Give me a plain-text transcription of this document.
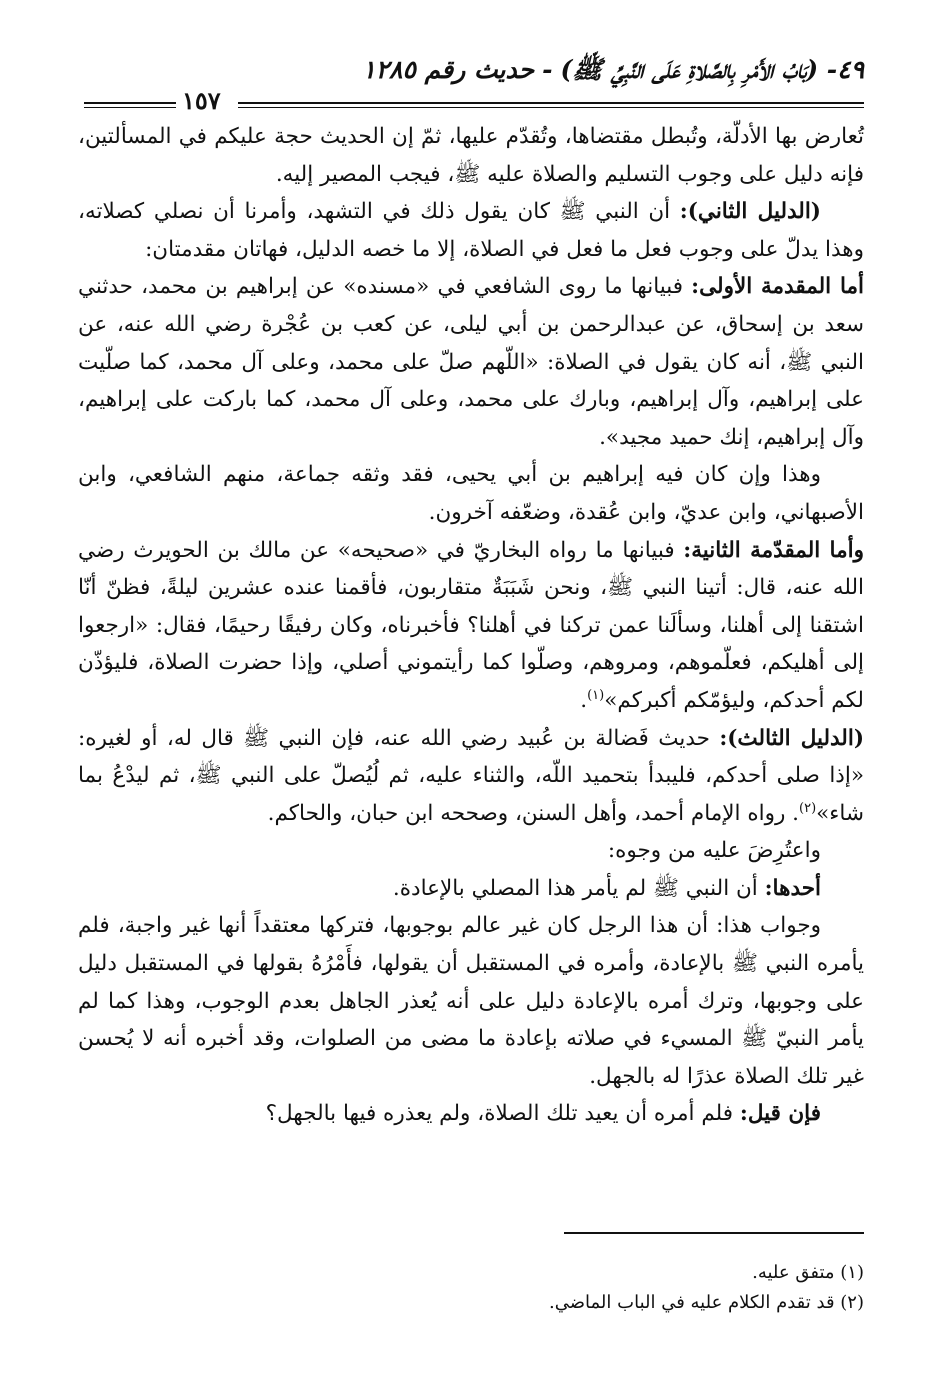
٤٩- (بَابُ الأَمْرِ بِالصَّلاةِ عَلَى النَّبِيِّ ﷺ)
-
حديث رقم ١٢٨٥
١٥٧

تُعارض بها الأدلّة، وتُبطل مقتضاها، وتُقدّم عليها، ثمّ إن الحديث حجة عليكم في المسألتين، فإنه دليل على وجوب التسليم والصلاة عليه ﷺ، فيجب المصير إليه.

(الدليل الثاني): أن النبي ﷺ كان يقول ذلك في التشهد، وأمرنا أن نصلي كصلاته، وهذا يدلّ على وجوب فعل ما فعل في الصلاة، إلا ما خصه الدليل، فهاتان مقدمتان:

أما المقدمة الأولى: فبيانها ما روى الشافعي في «مسنده» عن إبراهيم بن محمد، حدثني سعد بن إسحاق، عن عبدالرحمن بن أبي ليلى، عن كعب بن عُجْرة رضي الله عنه، عن النبي ﷺ، أنه كان يقول في الصلاة: «اللّهم صلّ على محمد، وعلى آل محمد، كما صلّيت على إبراهيم، وآل إبراهيم، وبارك على محمد، وعلى آل محمد، كما باركت على إبراهيم، وآل إبراهيم، إنك حميد مجيد».

وهذا وإن كان فيه إبراهيم بن أبي يحيى، فقد وثقه جماعة، منهم الشافعي، وابن الأصبهاني، وابن عديّ، وابن عُقدة، وضعّفه آخرون.

وأما المقدّمة الثانية: فبيانها ما رواه البخاريّ في «صحيحه» عن مالك بن الحويرث رضي الله عنه، قال: أتينا النبي ﷺ، ونحن شَبَبَةٌ متقاربون، فأقمنا عنده عشرين ليلةً، فظنّ أنّا اشتقنا إلى أهلنا، وسألَنا عمن تركنا في أهلنا؟ فأخبرناه، وكان رفيقًا رحيمًا، فقال: «ارجعوا إلى أهليكم، فعلّموهم، ومروهم، وصلّوا كما رأيتموني أصلي، وإذا حضرت الصلاة، فليؤذّن لكم أحدكم، وليؤمّكم أكبركم»$^{(١)}$.

(الدليل الثالث): حديث فَضالة بن عُبيد رضي الله عنه، فإن النبي ﷺ قال له، أو لغيره: «إذا صلى أحدكم، فليبدأ بتحميد اللّه، والثناء عليه، ثم لُيُصلّ على النبي ﷺ، ثم ليدْعُ بما شاء»$^{(٢)}$. رواه الإمام أحمد، وأهل السنن، وصححه ابن حبان، والحاكم.

واعتُرِضَ عليه من وجوه:

أحدها: أن النبي ﷺ لم يأمر هذا المصلي بالإعادة.

وجواب هذا: أن هذا الرجل كان غير عالم بوجوبها، فتركها معتقداً أنها غير واجبة، فلم يأمره النبي ﷺ بالإعادة، وأمره في المستقبل أن يقولها، فأَمْرُهُ بقولها في المستقبل دليل على وجوبها، وترك أمره بالإعادة دليل على أنه يُعذر الجاهل بعدم الوجوب، وهذا كما لم يأمر النبيّ ﷺ المسيء في صلاته بإعادة ما مضى من الصلوات، وقد أخبره أنه لا يُحسن غير تلك الصلاة عذرًا له بالجهل.

فإن قيل: فلم أمره أن يعيد تلك الصلاة، ولم يعذره فيها بالجهل؟

(١) متفق عليه.

(٢) قد تقدم الكلام عليه في الباب الماضي.
